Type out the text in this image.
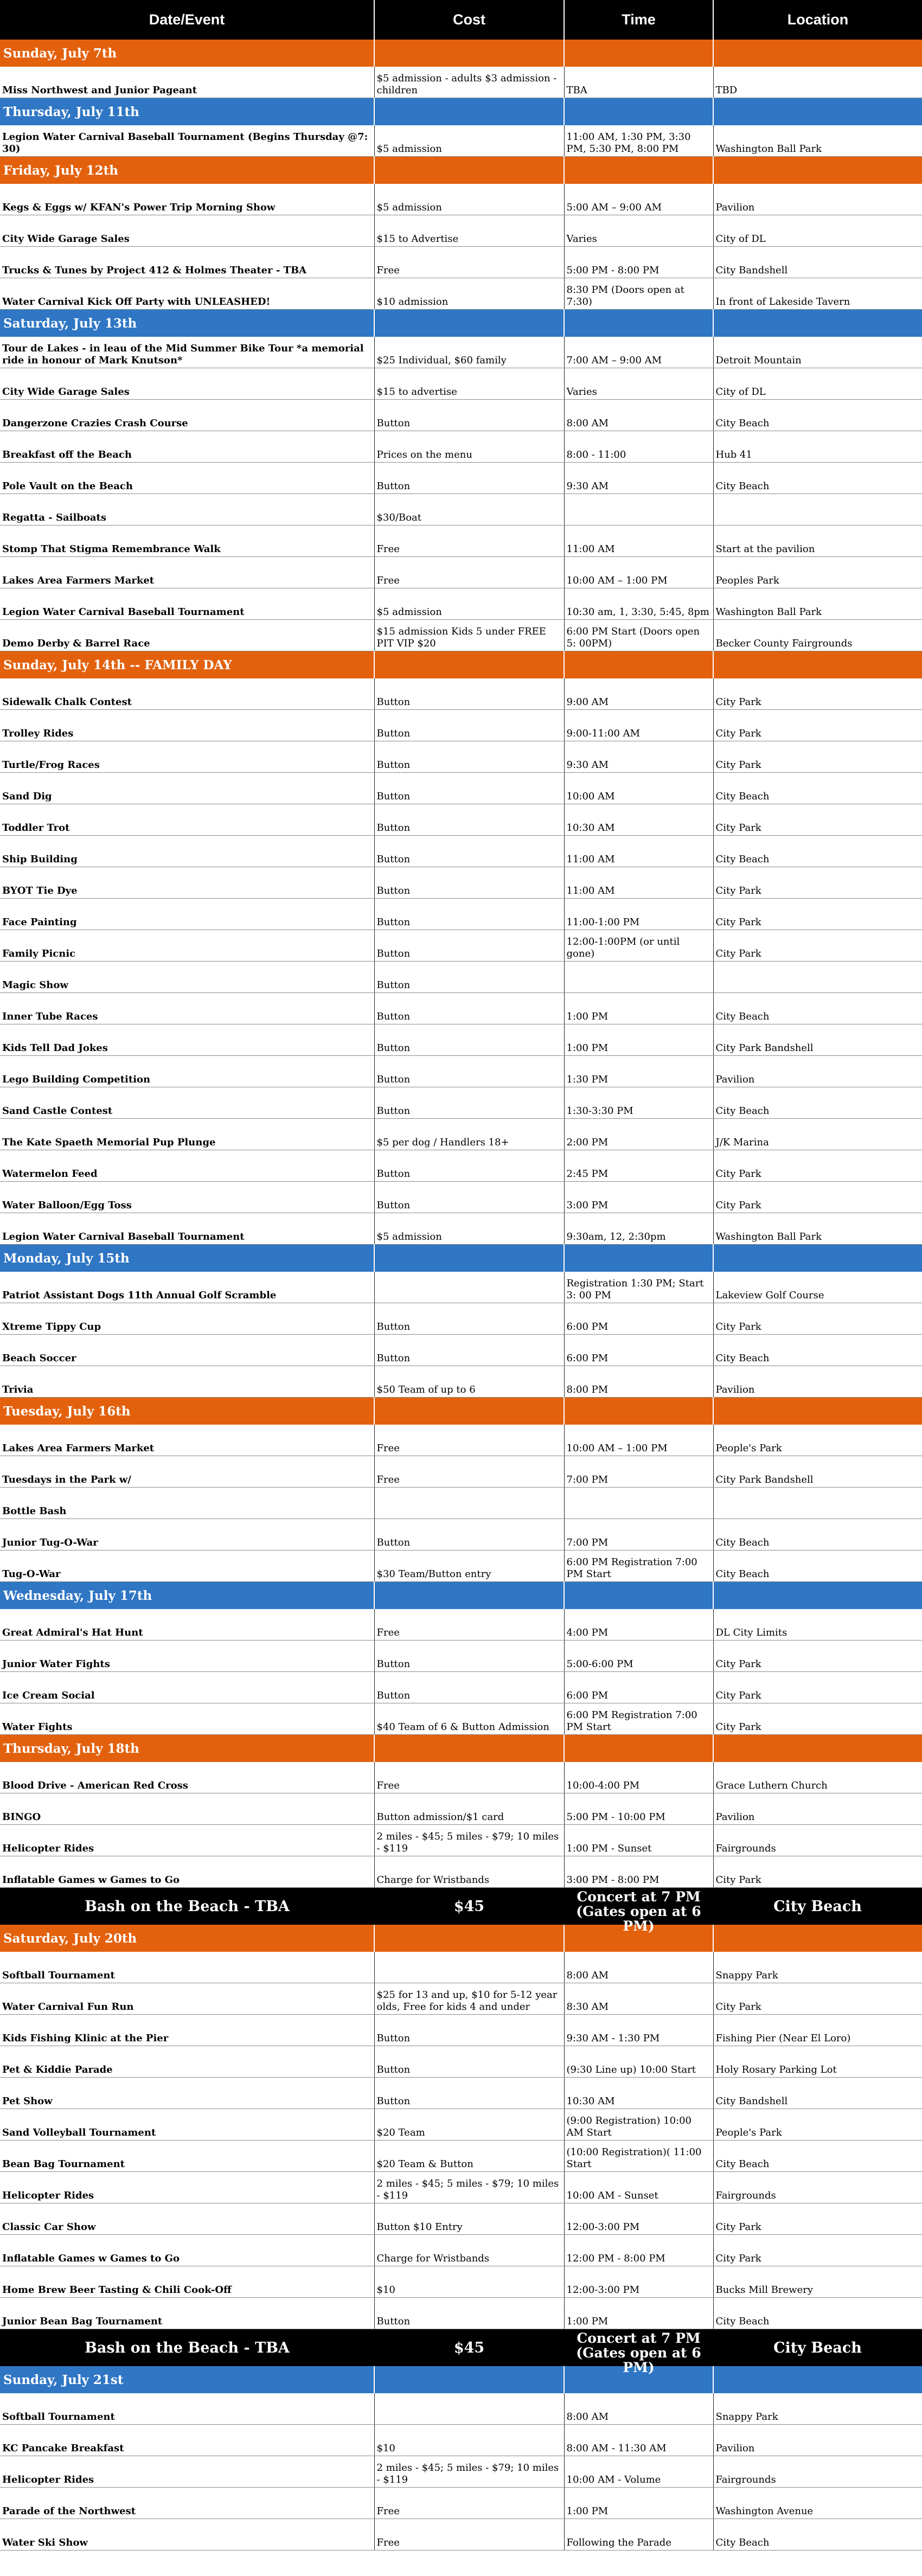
Date/Event	Cost	Time	Location
Sunday, July 7th			
Miss Northwest and Junior Pageant	$5 admission - adults $3 admission - children	TBA	TBD
Thursday, July 11th			
Legion Water Carnival Baseball Tournament (Begins Thursday @7: 30)	$5 admission	11:00 AM, 1:30 PM, 3:30 PM, 5:30 PM, 8:00 PM	Washington Ball Park
Friday, July 12th			
Kegs & Eggs w/ KFAN's Power Trip Morning Show	$5 admission	5:00 AM – 9:00 AM	Pavilion
City Wide Garage Sales	$15 to Advertise	Varies	City of DL
Trucks & Tunes by Project 412 & Holmes Theater - TBA	Free	5:00 PM - 8:00 PM	City Bandshell
Water Carnival Kick Off Party with UNLEASHED!	$10 admission	8:30 PM (Doors open at 7:30)	In front of Lakeside Tavern
Saturday, July 13th			
Tour de Lakes - in leau of the Mid Summer Bike Tour *a memorial ride in honour of Mark Knutson*	$25 Individual, $60 family	7:00 AM – 9:00 AM	Detroit Mountain
City Wide Garage Sales	$15 to advertise	Varies	City of DL
Dangerzone Crazies Crash Course	Button	8:00 AM	City Beach
Breakfast off the Beach	Prices on the menu	8:00 - 11:00	Hub 41
Pole Vault on the Beach	Button	9:30 AM	City Beach
Regatta - Sailboats	$30/Boat		
Stomp That Stigma Remembrance Walk	Free	11:00 AM	Start at the pavilion
Lakes Area Farmers Market	Free	10:00 AM – 1:00 PM	Peoples Park
Legion Water Carnival Baseball Tournament	$5 admission	10:30 am, 1, 3:30, 5:45, 8pm	Washington Ball Park
Demo Derby & Barrel Race	$15 admission Kids 5 under FREE PIT VIP $20	6:00 PM Start (Doors open 5: 00PM)	Becker County Fairgrounds
Sunday, July 14th -- FAMILY DAY			
Sidewalk Chalk Contest	Button	9:00 AM	City Park
Trolley Rides	Button	9:00-11:00 AM	City Park
Turtle/Frog Races	Button	9:30 AM	City Park
Sand Dig	Button	10:00 AM	City Beach
Toddler Trot	Button	10:30 AM	City Park
Ship Building	Button	11:00 AM	City Beach
BYOT Tie Dye	Button	11:00 AM	City Park
Face Painting	Button	11:00-1:00 PM	City Park
Family Picnic	Button	12:00-1:00PM (or until gone)	City Park
Magic Show	Button		
Inner Tube Races	Button	1:00 PM	City Beach
Kids Tell Dad Jokes	Button	1:00 PM	City Park Bandshell
Lego Building Competition	Button	1:30 PM	Pavilion
Sand Castle Contest	Button	1:30-3:30 PM	City Beach
The Kate Spaeth Memorial Pup Plunge	$5 per dog / Handlers 18+	2:00 PM	J/K Marina
Watermelon Feed	Button	2:45 PM	City Park
Water Balloon/Egg Toss	Button	3:00 PM	City Park
Legion Water Carnival Baseball Tournament	$5 admission	9:30am, 12, 2:30pm	Washington Ball Park
Monday, July 15th			
Patriot Assistant Dogs 11th Annual Golf Scramble		Registration 1:30 PM; Start 3: 00 PM	Lakeview Golf Course
Xtreme Tippy Cup	Button	6:00 PM	City Park
Beach Soccer	Button	6:00 PM	City Beach
Trivia	$50 Team of up to 6	8:00 PM	Pavilion
Tuesday, July 16th			
Lakes Area Farmers Market	Free	10:00 AM – 1:00 PM	People's Park
Tuesdays in the Park w/	Free	7:00 PM	City Park Bandshell
Bottle Bash			
Junior Tug-O-War	Button	7:00 PM	City Beach
Tug-O-War	$30 Team/Button entry	6:00 PM Registration 7:00 PM Start	City Beach
Wednesday, July 17th			
Great Admiral's Hat Hunt	Free	4:00 PM	DL City Limits
Junior Water Fights	Button	5:00-6:00 PM	City Park
Ice Cream Social	Button	6:00 PM	City Park
Water Fights	$40 Team of 6 & Button Admission	6:00 PM Registration 7:00 PM Start	City Park
Thursday, July 18th			
Blood Drive - American Red Cross	Free	10:00-4:00 PM	Grace Luthern Church
BINGO	Button admission/$1 card	5:00 PM - 10:00 PM	Pavilion
Helicopter Rides	2 miles - $45; 5 miles - $79; 10 miles - $119	1:00 PM - Sunset	Fairgrounds
Inflatable Games w Games to Go	Charge for Wristbands	3:00 PM - 8:00 PM	City Park
Bash on the Beach - TBA	$45	Concert at 7 PM (Gates open at 6 PM)	City Beach
Saturday, July 20th			
Softball Tournament		8:00 AM	Snappy Park
Water Carnival Fun Run	$25 for 13 and up, $10 for 5-12 year olds, Free for kids 4 and under	8:30 AM	City Park
Kids Fishing Klinic at the Pier	Button	9:30 AM - 1:30 PM	Fishing Pier (Near El Loro)
Pet & Kiddie Parade	Button	(9:30 Line up) 10:00 Start	Holy Rosary Parking Lot
Pet Show	Button	10:30 AM	City Bandshell
Sand Volleyball Tournament	$20 Team	(9:00 Registration) 10:00 AM Start	People's Park
Bean Bag Tournament	$20 Team & Button	(10:00 Registration)( 11:00 Start	City Beach
Helicopter Rides	2 miles - $45; 5 miles - $79; 10 miles - $119	10:00 AM - Sunset	Fairgrounds
Classic Car Show	Button $10 Entry	12:00-3:00 PM	City Park
Inflatable Games w Games to Go	Charge for Wristbands	12:00 PM - 8:00 PM	City Park
Home Brew Beer Tasting & Chili Cook-Off	$10	12:00-3:00 PM	Bucks Mill Brewery
Junior Bean Bag Tournament	Button	1:00 PM	City Beach
Bash on the Beach - TBA	$45	Concert at 7 PM (Gates open at 6 PM)	City Beach
Sunday, July 21st			
Softball Tournament		8:00 AM	Snappy Park
KC Pancake Breakfast	$10	8:00 AM - 11:30 AM	Pavilion
Helicopter Rides	2 miles - $45; 5 miles - $79; 10 miles - $119	10:00 AM - Volume	Fairgrounds
Parade of the Northwest	Free	1:00 PM	Washington Avenue
Water Ski Show	Free	Following the Parade	City Beach
